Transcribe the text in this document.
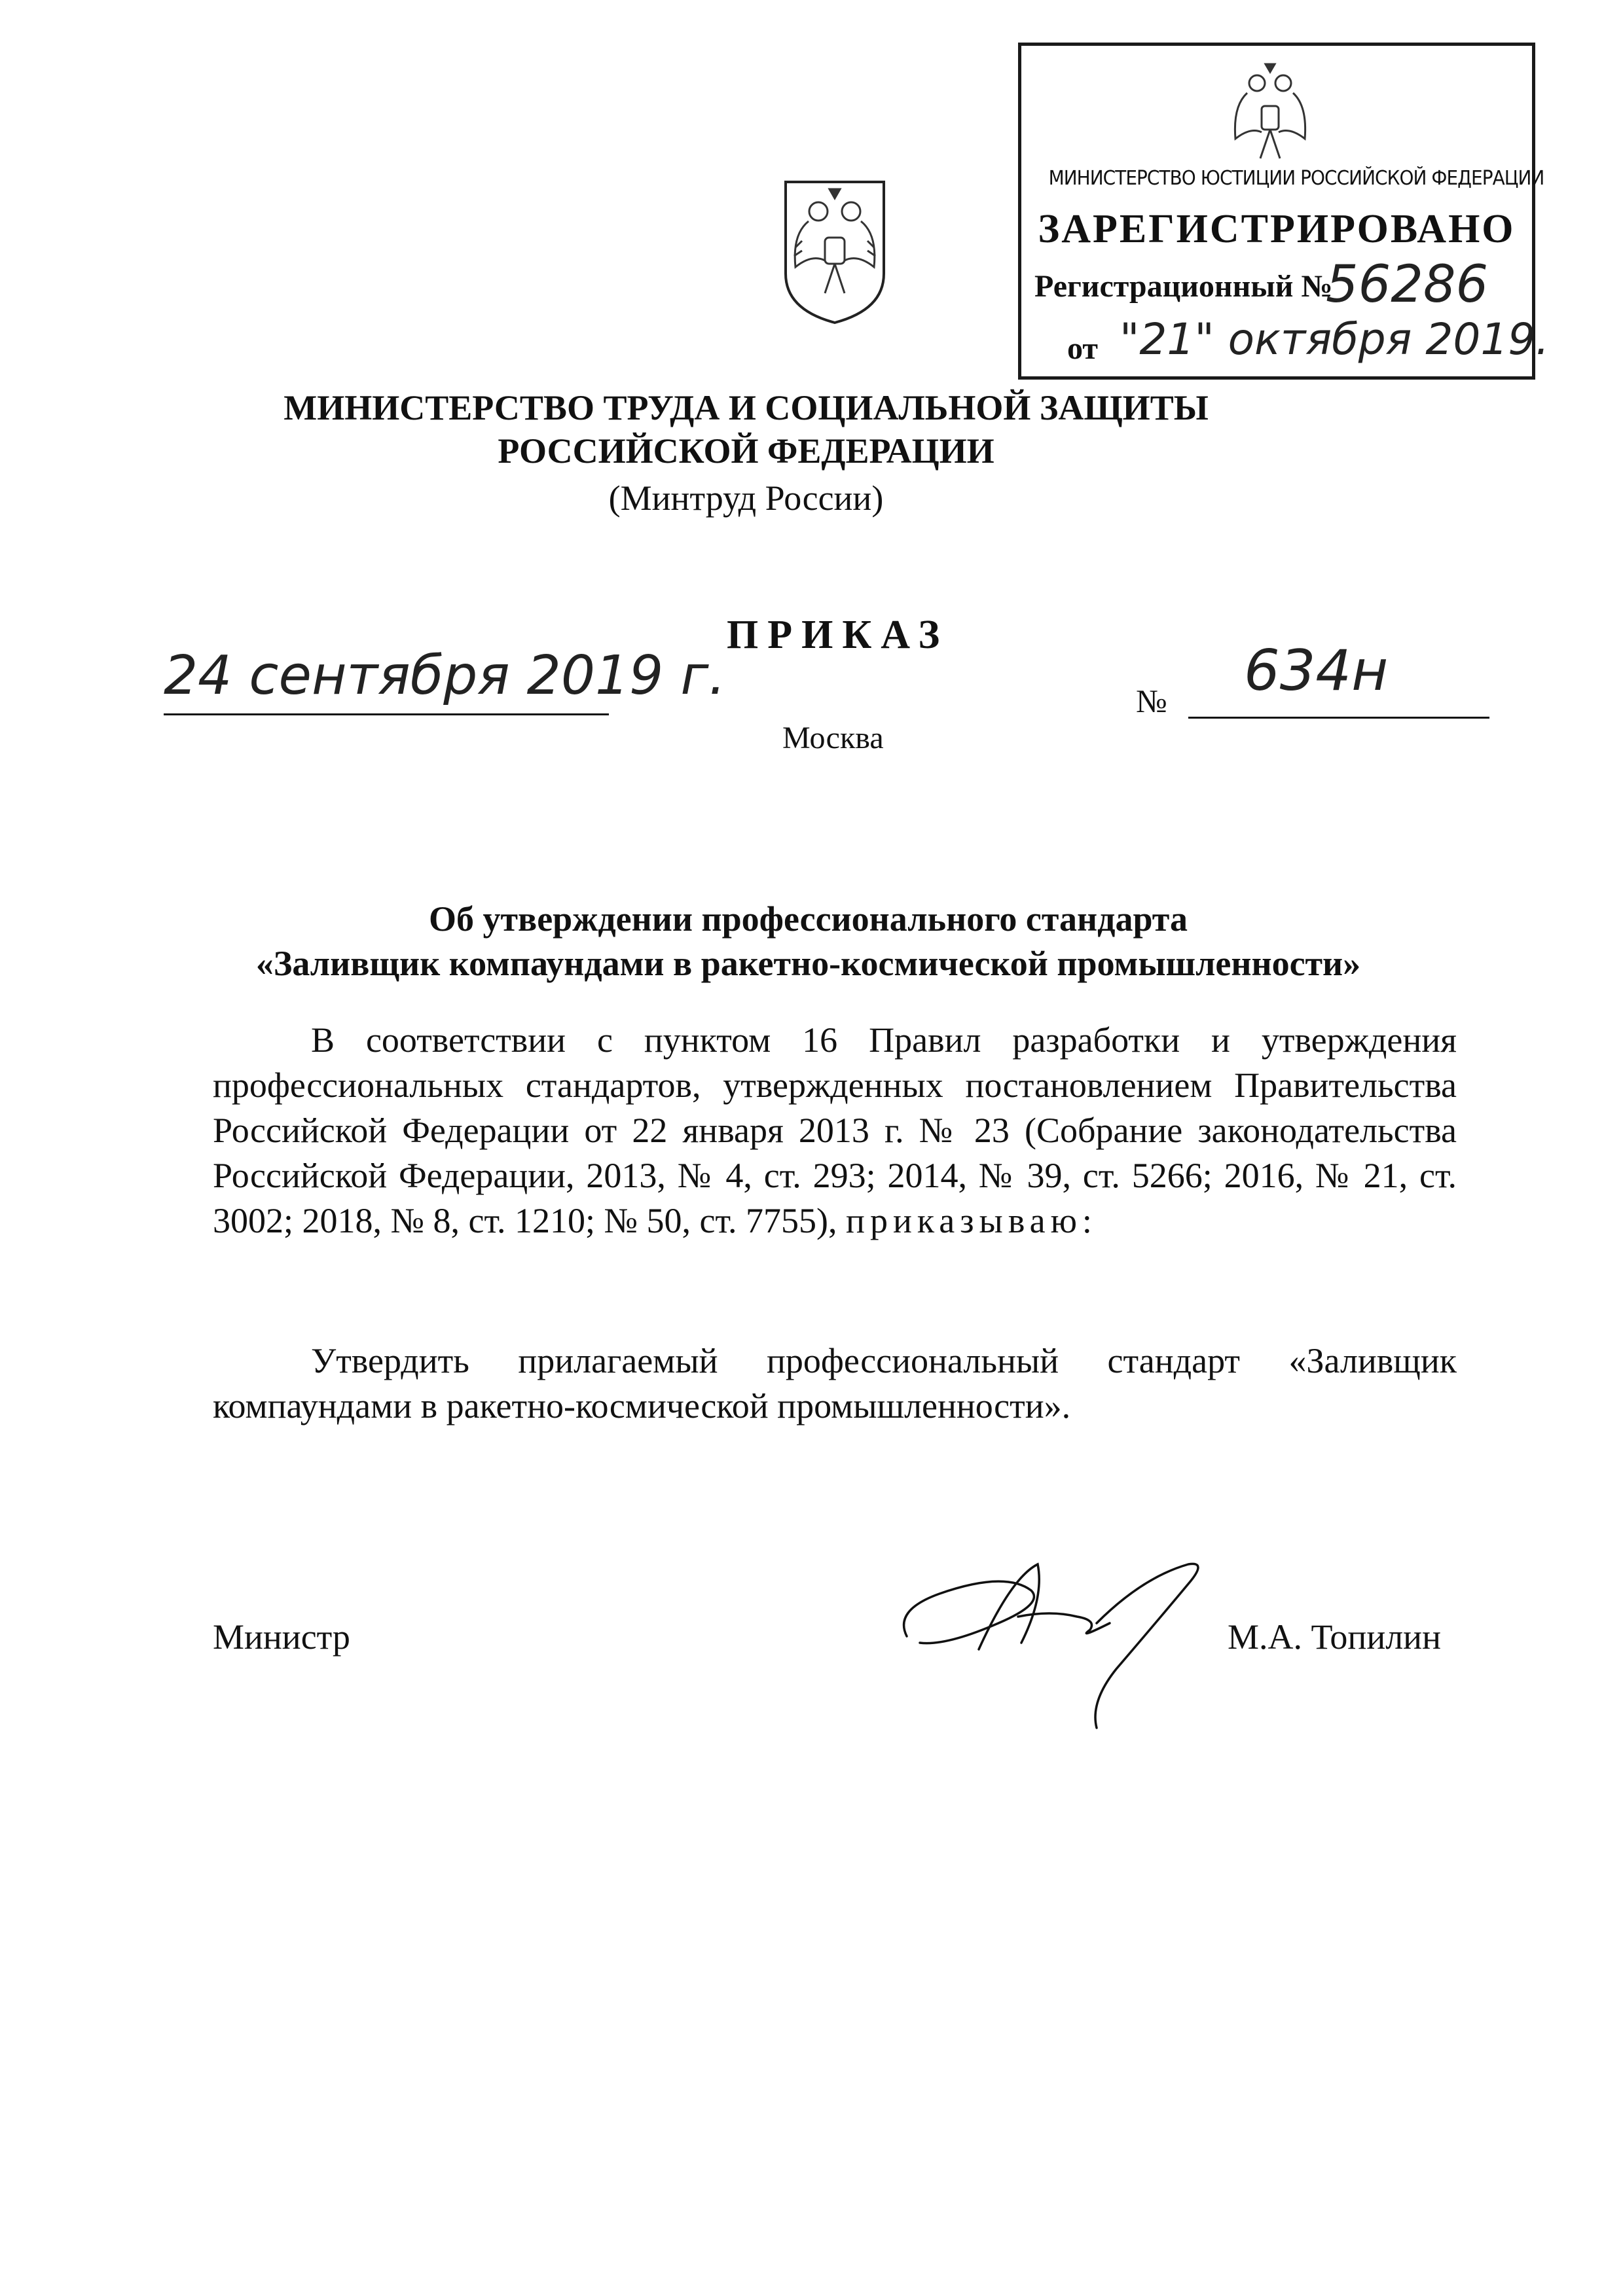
МИНИСТЕРСТВО ЮСТИЦИИ РОССИЙСКОЙ ФЕДЕРАЦИИ
ЗАРЕГИСТРИРОВАНО
Регистрационный №
56286
от "21" октября 2019.
МИНИСТЕРСТВО ТРУДА И СОЦИАЛЬНОЙ ЗАЩИТЫ
РОССИЙСКОЙ ФЕДЕРАЦИИ
(Минтруд России)
ПРИКАЗ
24 сентября 2019 г.	№ 634н
Москва
Об утверждении профессионального стандарта
«Заливщик компаундами в ракетно-космической промышленности»
В соответствии с пунктом 16 Правил разработки и утверждения профессиональных стандартов, утвержденных постановлением Правительства Российской Федерации от 22 января 2013 г. № 23 (Собрание законодательства Российской Федерации, 2013, № 4, ст. 293; 2014, № 39, ст. 5266; 2016, № 21, ст. 3002; 2018, № 8, ст. 1210; № 50, ст. 7755), приказываю:
Утвердить прилагаемый профессиональный стандарт «Заливщик компаундами в ракетно-космической промышленности».
Министр	М.А. Топилин
